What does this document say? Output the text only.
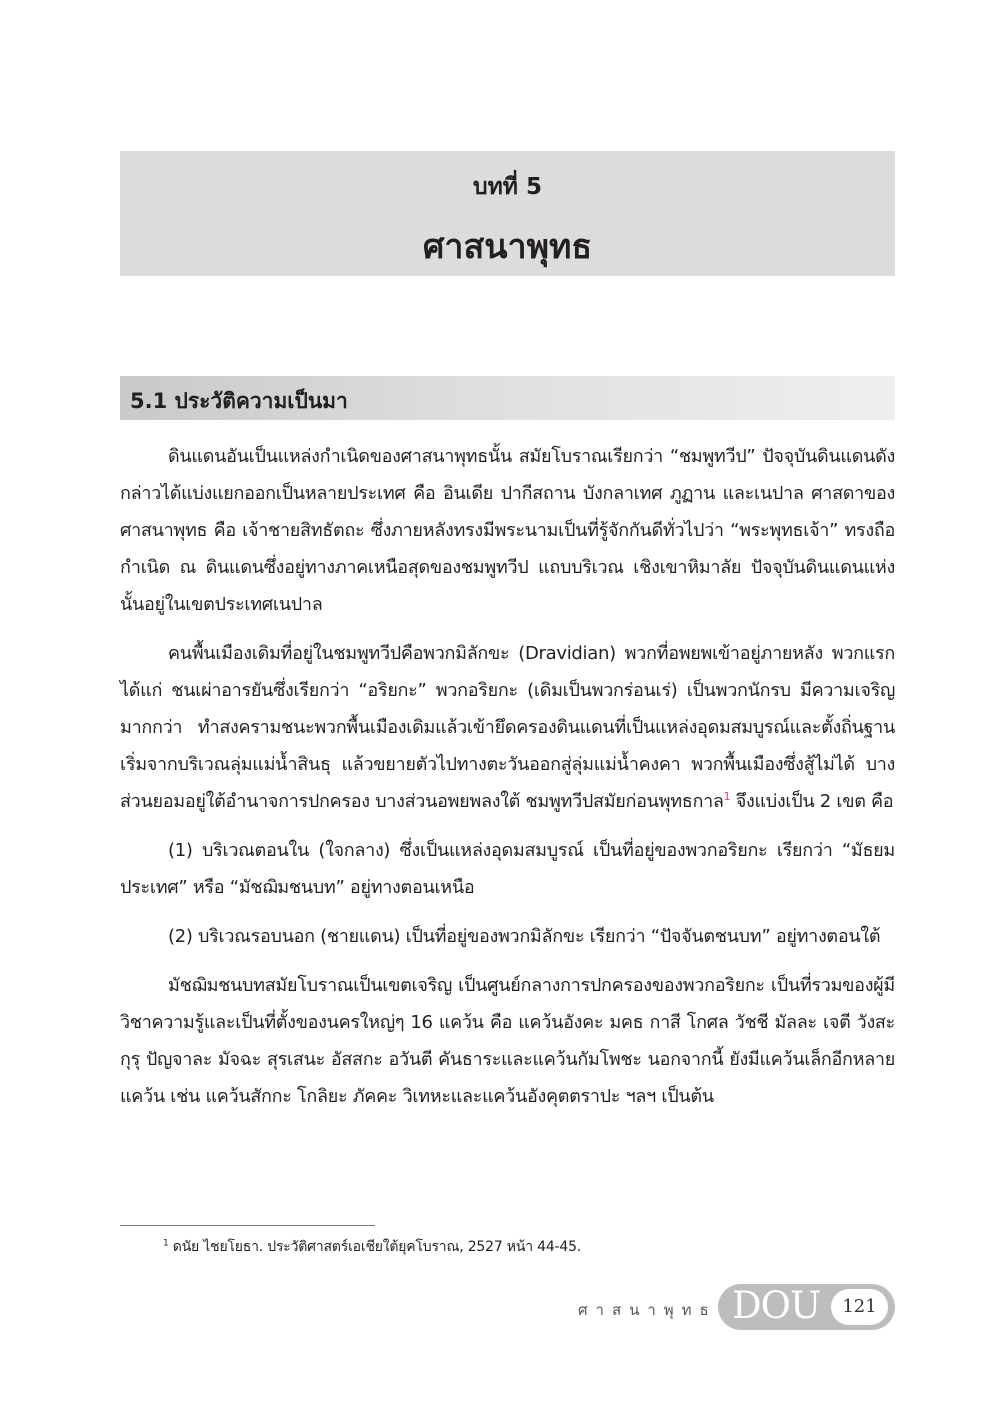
บทที่ 5
ศาสนาพุทธ
5.1 ประวัติความเป็นมา

ดินแดนอันเป็นแหล่งกำเนิดของศาสนาพุทธนั้น สมัยโบราณเรียกว่า “ชมพูทวีป” ปัจจุบันดินแดนดังกล่าวได้แบ่งแยกออกเป็นหลายประเทศ คือ อินเดีย ปากีสถาน บังกลาเทศ ภูฏาน และเนปาล ศาสดาของศาสนาพุทธ คือ เจ้าชายสิทธัตถะ ซึ่งภายหลังทรงมีพระนามเป็นที่รู้จักกันดีทั่วไปว่า “พระพุทธเจ้า” ทรงถือกำเนิด ณ ดินแดนซึ่งอยู่ทางภาคเหนือสุดของชมพูทวีป แถบบริเวณ เชิงเขาหิมาลัย ปัจจุบันดินแดนแห่งนั้นอยู่ในเขตประเทศเนปาล

คนพื้นเมืองเดิมที่อยู่ในชมพูทวีปคือพวกมิลักขะ (Dravidian) พวกที่อพยพเข้าอยู่ภายหลัง พวกแรก ได้แก่ ชนเผ่าอารยันซึ่งเรียกว่า “อริยกะ” พวกอริยกะ (เดิมเป็นพวกร่อนเร่) เป็นพวกนักรบ มีความเจริญมากกว่า ทำสงครามชนะพวกพื้นเมืองเดิมแล้วเข้ายึดครองดินแดนที่เป็นแหล่งอุดมสมบูรณ์และตั้งถิ่นฐานเริ่มจากบริเวณลุ่มแม่น้ำสินธุ แล้วขยายตัวไปทางตะวันออกสู่ลุ่มแม่น้ำคงคา พวกพื้นเมืองซึ่งสู้ไม่ได้ บางส่วนยอมอยู่ใต้อำนาจการปกครอง บางส่วนอพยพลงใต้ ชมพูทวีปสมัยก่อนพุทธกาล$^1$ จึงแบ่งเป็น 2 เขต คือ

(1) บริเวณตอนใน (ใจกลาง) ซึ่งเป็นแหล่งอุดมสมบูรณ์ เป็นที่อยู่ของพวกอริยกะ เรียกว่า “มัธยมประเทศ” หรือ “มัชฌิมชนบท” อยู่ทางตอนเหนือ

(2) บริเวณรอบนอก (ชายแดน) เป็นที่อยู่ของพวกมิลักขะ เรียกว่า “ปัจจันตชนบท” อยู่ทางตอนใต้

มัชฌิมชนบทสมัยโบราณเป็นเขตเจริญ เป็นศูนย์กลางการปกครองของพวกอริยกะ เป็นที่รวมของผู้มีวิชาความรู้และเป็นที่ตั้งของนครใหญ่ๆ 16 แคว้น คือ แคว้นอังคะ มคธ กาสี โกศล วัชชี มัลละ เจตี วังสะ กุรุ ปัญจาละ มัจฉะ สุรเสนะ อัสสกะ อวันตี คันธาระและแคว้นกัมโพชะ นอกจากนี้ ยังมีแคว้นเล็กอีกหลายแคว้น เช่น แคว้นสักกะ โกลิยะ ภัคคะ วิเทหะและแคว้นอังคุตตราปะ ฯลฯ เป็นต้น

$^1$ ดนัย ไชยโยธา. ประวัติศาสตร์เอเชียใต้ยุคโบราณ, 2527 หน้า 44-45.
ศาสนาพุทธ DOU	121
